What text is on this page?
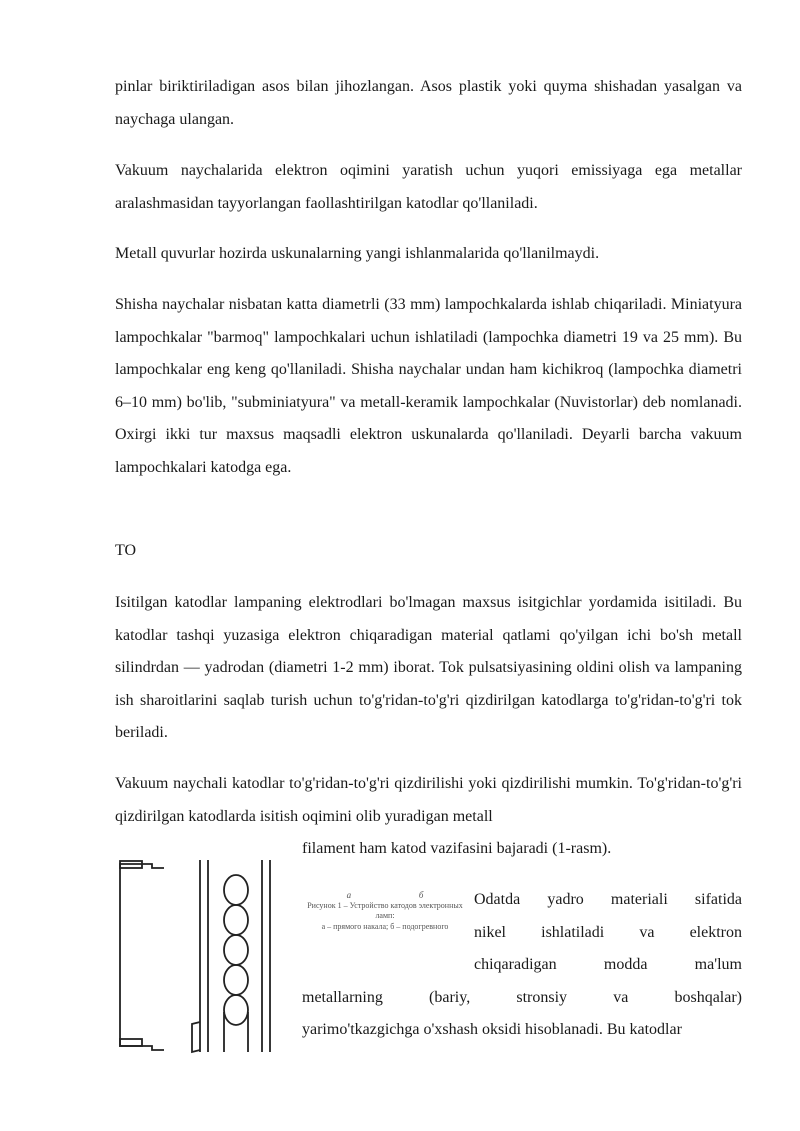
pinlar biriktiriladigan asos bilan jihozlangan. Asos plastik yoki quyma shishadan yasalgan va naychaga ulangan.

Vakuum naychalarida elektron oqimini yaratish uchun yuqori emissiyaga ega metallar aralashmasidan tayyorlangan faollashtirilgan katodlar qo'llaniladi.

Metall quvurlar hozirda uskunalarning yangi ishlanmalarida qo'llanilmaydi.

Shisha naychalar nisbatan katta diametrli (33 mm) lampochkalarda ishlab chiqariladi. Miniatyura lampochkalar "barmoq" lampochkalari uchun ishlatiladi (lampochka diametri 19 va 25 mm). Bu lampochkalar eng keng qo'llaniladi. Shisha naychalar undan ham kichikroq (lampochka diametri 6–10 mm) bo'lib, "subminiatyura" va metall-keramik lampochkalar (Nuvistorlar) deb nomlanadi. Oxirgi ikki tur maxsus maqsadli elektron uskunalarda qo'llaniladi. Deyarli barcha vakuum lampochkalari katodga ega.

TO

Isitilgan katodlar lampaning elektrodlari bo'lmagan maxsus isitgichlar yordamida isitiladi. Bu katodlar tashqi yuzasiga elektron chiqaradigan material qatlami qo'yilgan ichi bo'sh metall silindrdan — yadrodan (diametri 1-2 mm) iborat. Tok pulsatsiyasining oldini olish va lampaning ish sharoitlarini saqlab turish uchun to'g'ridan-to'g'ri qizdirilgan katodlarga to'g'ridan-to'g'ri tok beriladi.

Vakuum naychali katodlar to'g'ridan-to'g'ri qizdirilishi yoki qizdirilishi mumkin. To'g'ridan-to'g'ri qizdirilgan katodlarda isitish oqimini olib yuradigan metall

filament ham katod vazifasini bajaradi (1-rasm).

Odatda yadro materiali sifatida

nikel ishlatiladi va elektron

chiqaradigan modda ma'lum

metallarning (bariy, stronsiy va boshqalar)

yarimo'tkazgichga o'xshash oksidi hisoblanadi. Bu katodlar

а	б
Рисунок 1 – Устройство катодов электронных ламп:
а – прямого накала; б – подогревного
